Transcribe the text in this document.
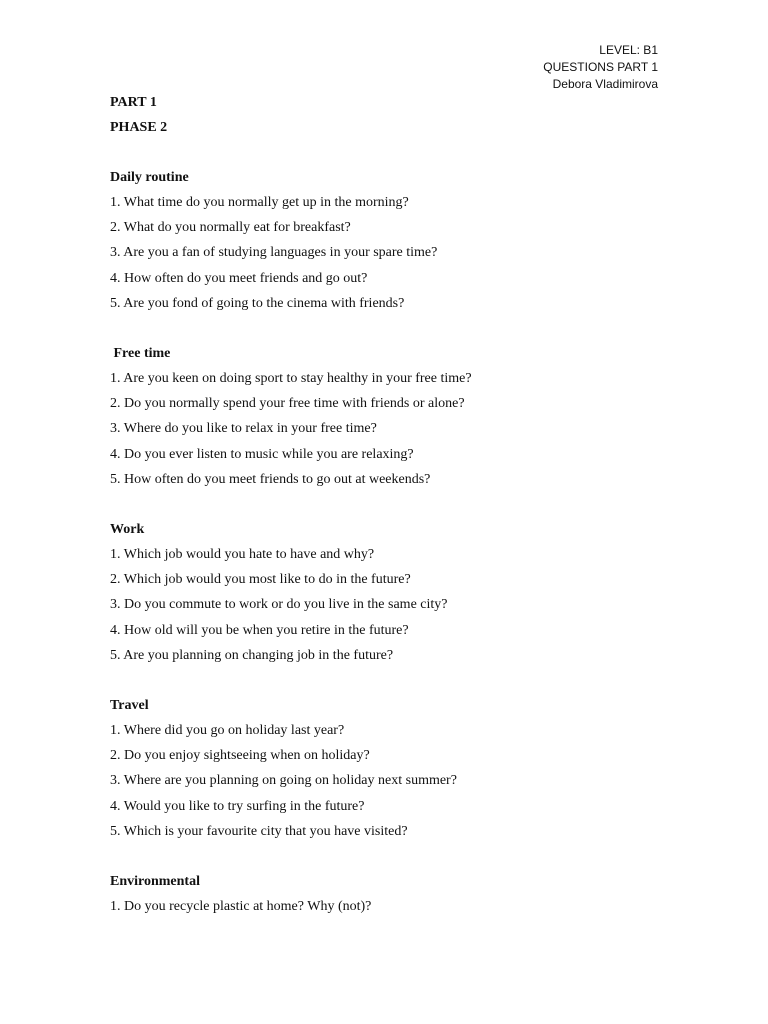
LEVEL: B1
QUESTIONS PART 1
Debora Vladimirova

PART 1

PHASE 2

Daily routine

1. What time do you normally get up in the morning?

2. What do you normally eat for breakfast?

3. Are you a fan of studying languages in your spare time?

4. How often do you meet friends and go out?

5. Are you fond of going to the cinema with friends?

Free time

1. Are you keen on doing sport to stay healthy in your free time?

2. Do you normally spend your free time with friends or alone?

3. Where do you like to relax in your free time?

4. Do you ever listen to music while you are relaxing?

5. How often do you meet friends to go out at weekends?

Work

1. Which job would you hate to have and why?

2. Which job would you most like to do in the future?

3. Do you commute to work or do you live in the same city?

4. How old will you be when you retire in the future?

5. Are you planning on changing job in the future?

Travel

1. Where did you go on holiday last year?

2. Do you enjoy sightseeing when on holiday?

3. Where are you planning on going on holiday next summer?

4. Would you like to try surfing in the future?

5. Which is your favourite city that you have visited?

Environmental

1. Do you recycle plastic at home? Why (not)?
